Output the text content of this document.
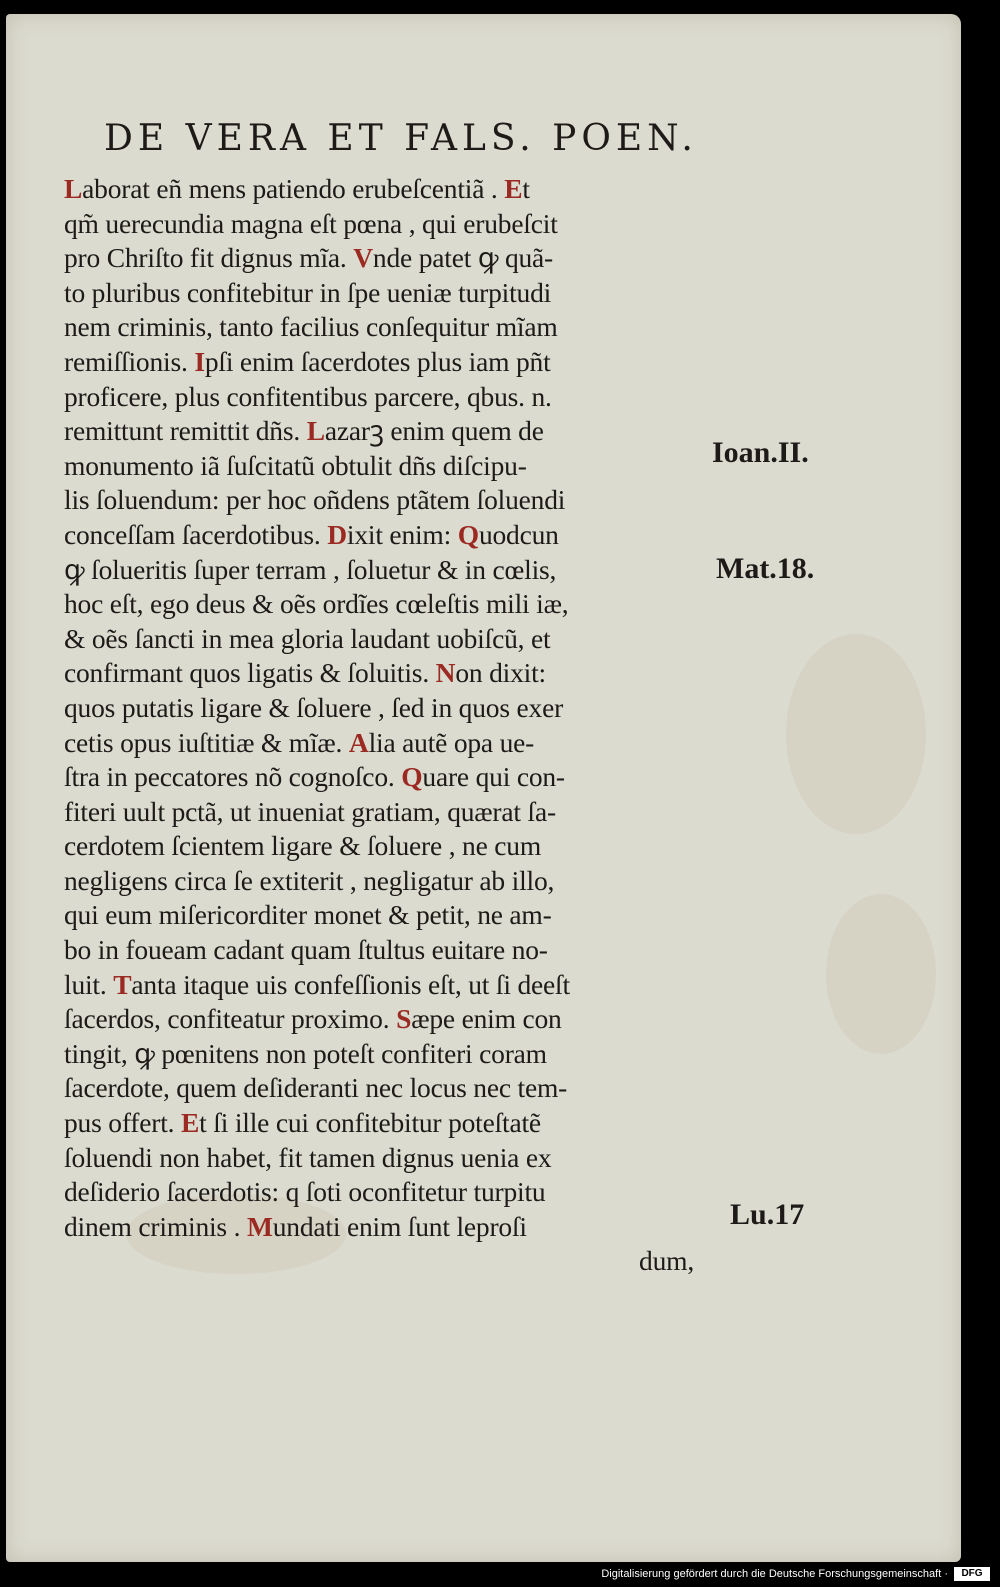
DE VERA ET FALS. POEN.
Laborat eñ mens patiendo erubeſcentiã . Et
qm̃ uerecundia magna eſt pœna , qui erubeſcit
pro Chriſto fit dignus mĩa. Vnde patet ꝙ quã-
to pluribus confitebitur in ſpe ueniæ turpitudi
nem criminis, tanto facilius conſequitur mĩam
remiſſionis. Ipſi enim ſacerdotes plus iam pñt
proficere, plus confitentibus parcere, qbus. n.
remittunt remittit dñs. Lazarꝫ enim quem de
monumento iã ſuſcitatũ obtulit dñs diſcipu-
lis ſoluendum: per hoc oñdens ptãtem ſoluendi
conceſſam ſacerdotibus. Dixit enim: Quodcun
ꝙ ſolueritis ſuper terram , ſoluetur & in cœlis,
hoc eſt, ego deus & oẽs ordĩes cœleſtis mili iæ,
& oẽs ſancti in mea gloria laudant uobiſcũ, et
confirmant quos ligatis & ſoluitis. Non dixit:
quos putatis ligare & ſoluere , ſed in quos exer
cetis opus iuſtitiæ & mĩæ. Alia autẽ opa ue-
ſtra in peccatores nõ cognoſco. Quare qui con-
fiteri uult pctã, ut inueniat gratiam, quærat ſa-
cerdotem ſcientem ligare & ſoluere , ne cum
negligens circa ſe extiterit , negligatur ab illo,
qui eum miſericorditer monet & petit, ne am-
bo in foueam cadant quam ſtultus euitare no-
luit. Tanta itaque uis confeſſionis eſt, ut ſi deeſt
ſacerdos, confiteatur proximo. Sæpe enim con
tingit, ꝙ pœnitens non poteſt confiteri coram
ſacerdote, quem deſideranti nec locus nec tem-
pus offert. Et ſi ille cui confitebitur poteſtatẽ
ſoluendi non habet, fit tamen dignus uenia ex
deſiderio ſacerdotis: q ſoti oconfitetur turpitu
dinem criminis . Mundati enim ſunt leproſi
dum,
Ioan.II.
Mat.18.
Lu.17
Digitalisierung gefördert durch die Deutsche Forschungsgemeinschaft ·	DFG
